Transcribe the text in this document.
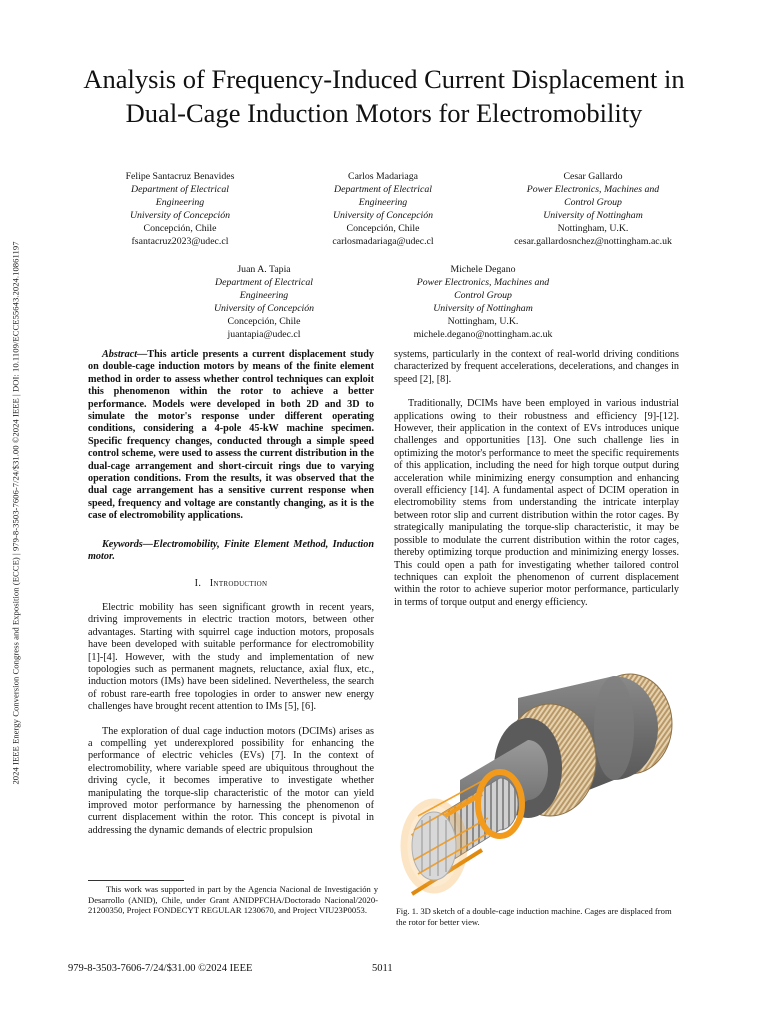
2024 IEEE Energy Conversion Congress and Exposition (ECCE) | 979-8-3503-7606-7/24/$31.00 ©2024 IEEE | DOI: 10.1109/ECCE55643.2024.10861197
Analysis of Frequency-Induced Current Displacement in Dual-Cage Induction Motors for Electromobility
Felipe Santacruz Benavides
Department of Electrical
Engineering
University of Concepción
Concepción, Chile
fsantacruz2023@udec.cl
Carlos Madariaga
Department of Electrical
Engineering
University of Concepción
Concepción, Chile
carlosmadariaga@udec.cl
Cesar Gallardo
Power Electronics, Machines and
Control Group
University of Nottingham
Nottingham, U.K.
cesar.gallardosnchez@nottingham.ac.uk
Juan A. Tapia
Department of Electrical
Engineering
University of Concepción
Concepción, Chile
juantapia@udec.cl
Michele Degano
Power Electronics, Machines and
Control Group
University of Nottingham
Nottingham, U.K.
michele.degano@nottingham.ac.uk

Abstract—This article presents a current displacement study on double-cage induction motors by means of the finite element method in order to assess whether control techniques can exploit this phenomenon within the rotor to achieve a better performance. Models were developed in both 2D and 3D to simulate the motor's response under different operating conditions, considering a 4-pole 45-kW machine specimen. Specific frequency changes, conducted through a simple speed control scheme, were used to assess the current distribution in the dual-cage arrangement and short-circuit rings due to varying operation conditions. From the results, it was observed that the dual cage arrangement has a sensitive current response when speed, frequency and voltage are constantly changing, as it is the case of electromobility applications.

Keywords—Electromobility, Finite Element Method, Induction motor.

I. Introduction

Electric mobility has seen significant growth in recent years, driving improvements in electric traction motors, between other advantages. Starting with squirrel cage induction motors, proposals have been developed with suitable performance for electromobility [1]-[4]. However, with the study and implementation of new topologies such as permanent magnets, reluctance, axial flux, etc., induction motors (IMs) have been sidelined. Nevertheless, the search of robust rare-earth free topologies in order to answer new energy challenges have brought recent attention to IMs [5], [6].

The exploration of dual cage induction motors (DCIMs) arises as a compelling yet underexplored possibility for enhancing the performance of electric vehicles (EVs) [7]. In the context of electromobility, where variable speed are ubiquitous throughout the driving cycle, it becomes imperative to investigate whether manipulating the torque-slip characteristic of the motor can yield improved motor performance by harnessing the phenomenon of current displacement within the rotor. This concept is pivotal in addressing the dynamic demands of electric propulsion

systems, particularly in the context of real-world driving conditions characterized by frequent accelerations, decelerations, and changes in speed [2], [8].

Traditionally, DCIMs have been employed in various industrial applications owing to their robustness and efficiency [9]-[12]. However, their application in the context of EVs introduces unique challenges and opportunities [13]. One such challenge lies in optimizing the motor's performance to meet the specific requirements of this application, including the need for high torque output during acceleration while minimizing energy consumption and enhancing overall efficiency [14]. A fundamental aspect of DCIM operation in electromobility stems from understanding the intricate interplay between rotor slip and current distribution within the rotor cages. By strategically manipulating the torque-slip characteristic, it may be possible to modulate the current distribution within the rotor cages, thereby optimizing torque production and minimizing energy losses. This could open a path for investigating whether tailored control techniques can exploit the phenomenon of current displacement within the rotor to achieve superior motor performance, particularly in terms of torque output and energy efficiency.

This work was supported in part by the Agencia Nacional de Investigación y Desarrollo (ANID), Chile, under Grant ANIDPFCHA/Doctorado Nacional/2020-21200350, Project FONDECYT REGULAR 1230670, and Project VIU23P0053.	Fig. 1. 3D sketch of a double-cage induction machine. Cages are displaced from the rotor for better view.
979-8-3503-7606-7/24/$31.00 ©2024 IEEE	5011
